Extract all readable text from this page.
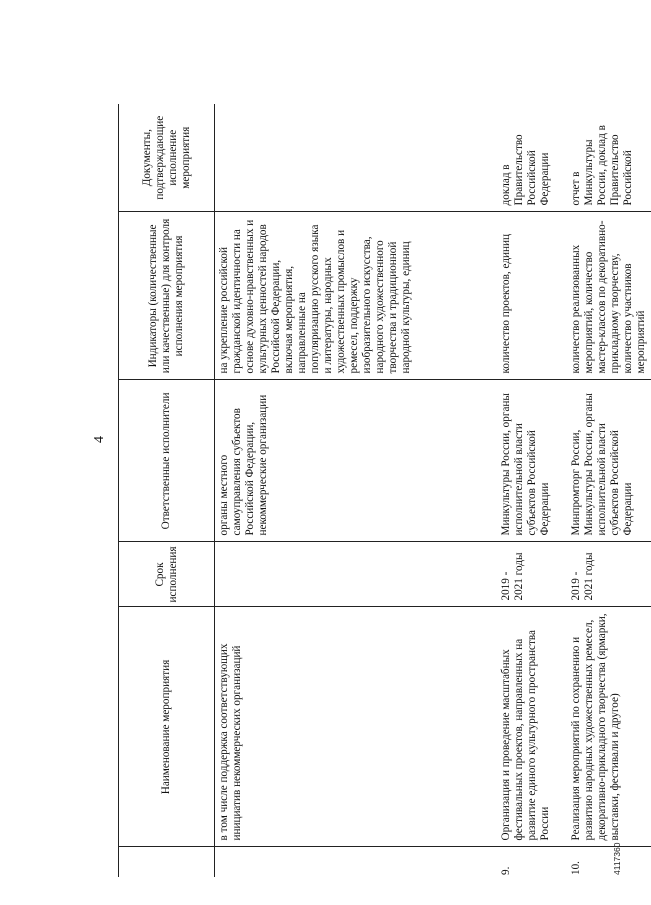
4
	Наименование мероприятия	Срок исполнения	Ответственные исполнители	Индикаторы (количественные или качественные) для контроля исполнения мероприятия	Документы, подтверждающие исполнение мероприятия
	в том числе поддержка соответствующих инициатив некоммерческих организаций		органы местного самоуправления субъектов Российской Федерации, некоммерческие организации	на укрепление российской гражданской идентичности на основе духовно-нравственных и культурных ценностей народов Российской Федерации, включая мероприятия, направленные на популяризацию русского языка и литературы, народных художественных промыслов и ремесел, поддержку изобразительного искусства, народного художественного творчества и традиционной народной культуры, единиц	
9.	Организация и проведение масштабных фестивальных проектов, направленных на развитие единого культурного пространства России	2019 - 2021 годы	Минкультуры России, органы исполнительной власти субъектов Российской Федерации	количество проектов, единиц	доклад в Правительство Российской Федерации
10.	Реализация мероприятий по сохранению и развитию народных художественных ремесел, декоративно-прикладного творчества (ярмарки, выставки, фестивали и другое)	2019 - 2021 годы	Минпромторг России, Минкультуры России, органы исполнительной власти субъектов Российской Федерации	количество реализованных мероприятий, количество мастер-классов по декоративно-прикладному творчеству, количество участников мероприятий	отчет в Минкультуры России, доклад в Правительство Российской
4117360
